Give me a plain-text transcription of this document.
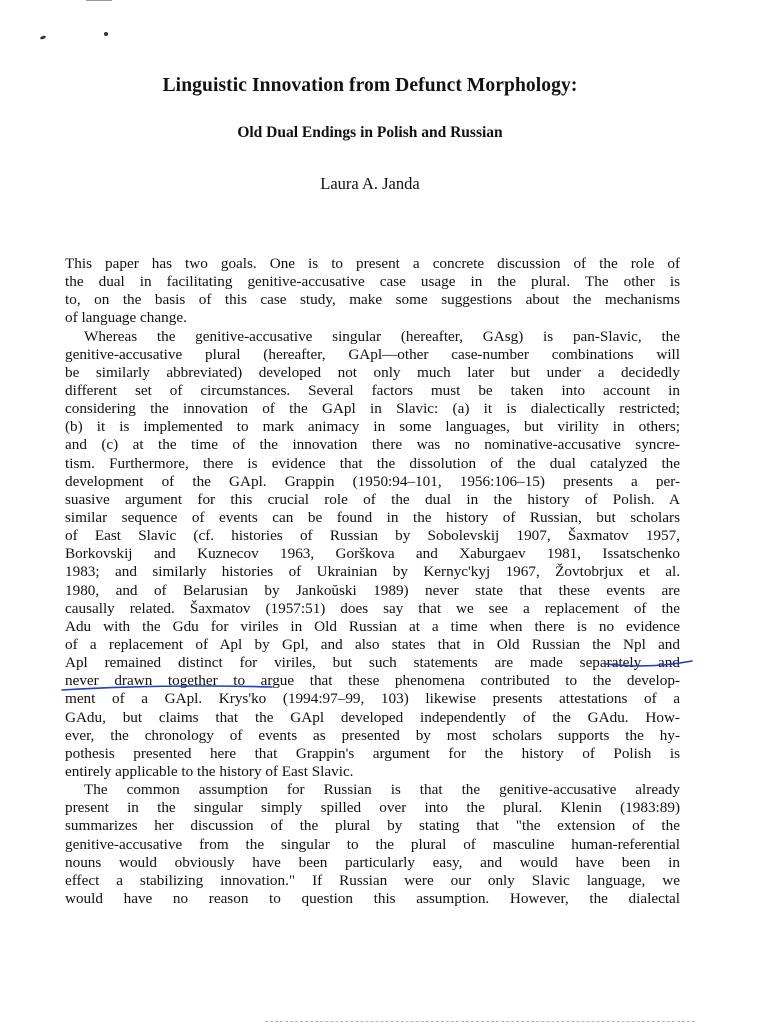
Linguistic Innovation from Defunct Morphology:
Old Dual Endings in Polish and Russian
Laura A. Janda
This paper has two goals. One is to present a concrete discussion of the role of
the dual in facilitating genitive-accusative case usage in the plural. The other is
to, on the basis of this case study, make some suggestions about the mechanisms
of language change.
Whereas the genitive-accusative singular (hereafter, GAsg) is pan-Slavic, the
genitive-accusative plural (hereafter, GApl—other case-number combinations will
be similarly abbreviated) developed not only much later but under a decidedly
different set of circumstances. Several factors must be taken into account in
considering the innovation of the GApl in Slavic: (a) it is dialectically restricted;
(b) it is implemented to mark animacy in some languages, but virility in others;
and (c) at the time of the innovation there was no nominative-accusative syncre-
tism. Furthermore, there is evidence that the dissolution of the dual catalyzed the
development of the GApl. Grappin (1950:94–101, 1956:106–15) presents a per-
suasive argument for this crucial role of the dual in the history of Polish. A
similar sequence of events can be found in the history of Russian, but scholars
of East Slavic (cf. histories of Russian by Sobolevskij 1907, Šaxmatov 1957,
Borkovskij and Kuznecov 1963, Gorškova and Xaburgaev 1981, Issatschenko
1983; and similarly histories of Ukrainian by Kernyc'kyj 1967, Žovtobrjux et al.
1980, and of Belarusian by Jankoŭski 1989) never state that these events are
causally related. Šaxmatov (1957:51) does say that we see a replacement of the
Adu with the Gdu for viriles in Old Russian at a time when there is no evidence
of a replacement of Apl by Gpl, and also states that in Old Russian the Npl and
Apl remained distinct for viriles, but such statements are made separately and
never drawn together to argue that these phenomena contributed to the develop-
ment of a GApl. Krys'ko (1994:97–99, 103) likewise presents attestations of a
GAdu, but claims that the GApl developed independently of the GAdu. How-
ever, the chronology of events as presented by most scholars supports the hy-
pothesis presented here that Grappin's argument for the history of Polish is
entirely applicable to the history of East Slavic.
The common assumption for Russian is that the genitive-accusative already
present in the singular simply spilled over into the plural. Klenin (1983:89)
summarizes her discussion of the plural by stating that "the extension of the
genitive-accusative from the singular to the plural of masculine human-referential
nouns would obviously have been particularly easy, and would have been in
effect a stabilizing innovation." If Russian were our only Slavic language, we
would have no reason to question this assumption. However, the dialectal
